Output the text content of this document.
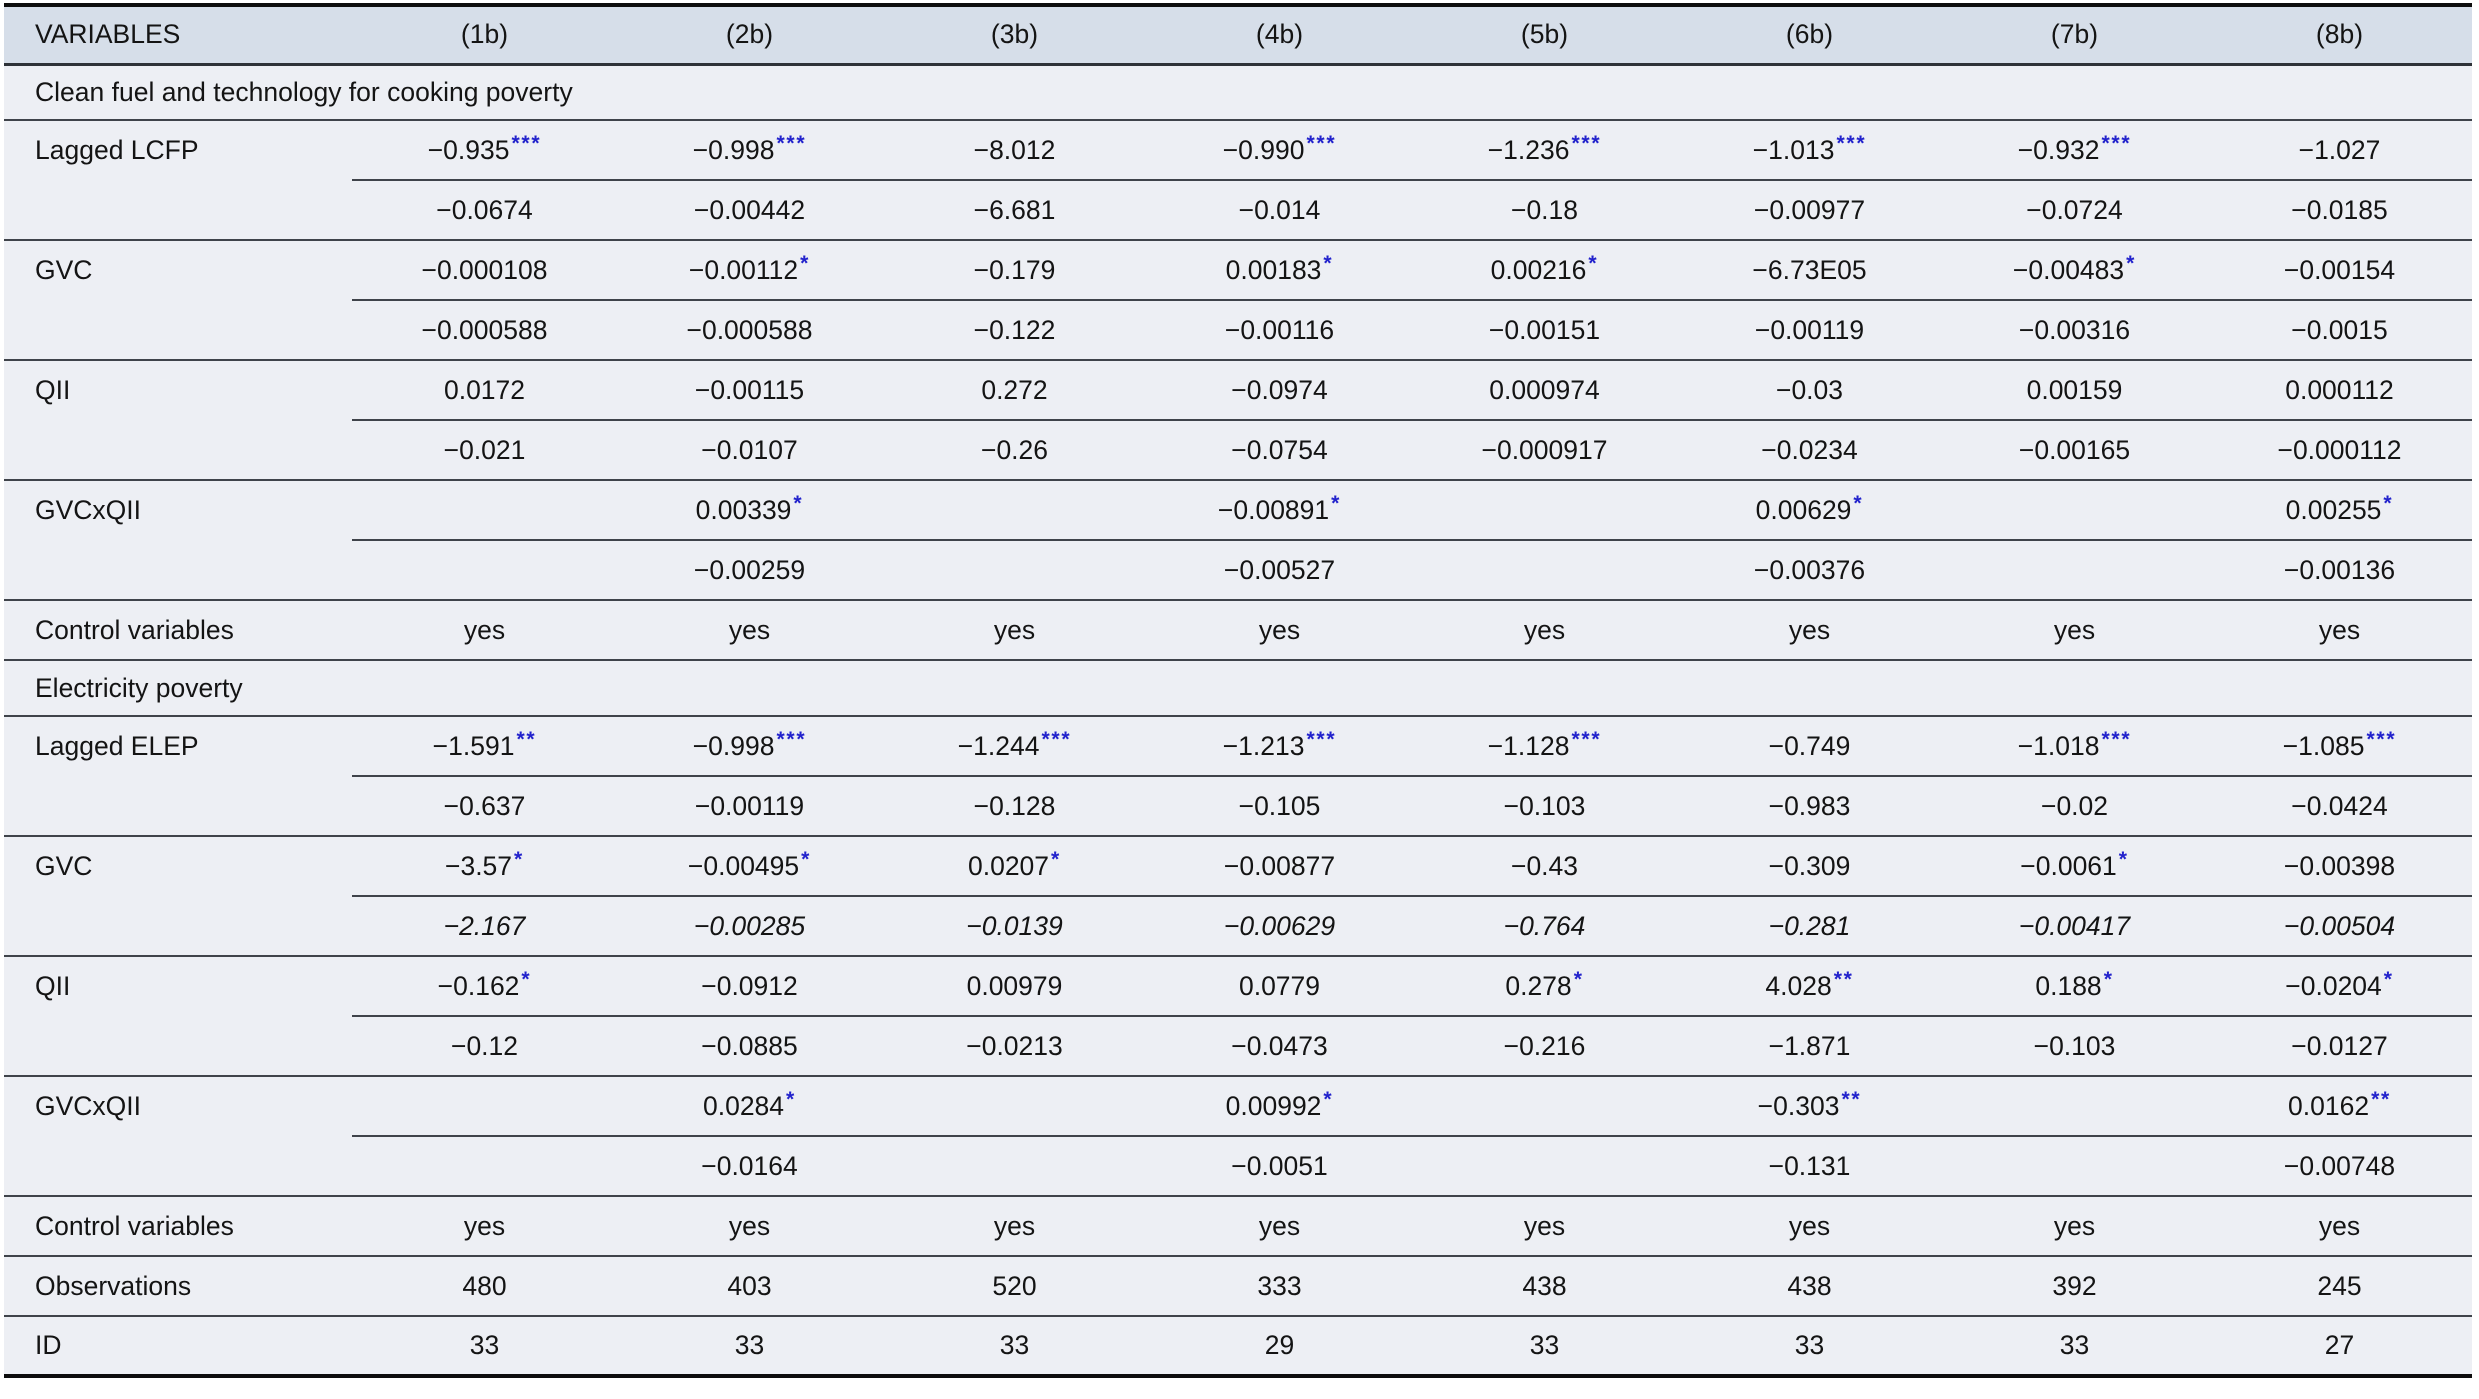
VARIABLES	(1b)	(2b)	(3b)	(4b)	(5b)	(6b)	(7b)	(8b)
Clean fuel and technology for cooking poverty								
Lagged LCFP	−0.935***	−0.998***	−8.012	−0.990***	−1.236***	−1.013***	−0.932***	−1.027
	−0.0674	−0.00442	−6.681	−0.014	−0.18	−0.00977	−0.0724	−0.0185
GVC	−0.000108	−0.00112*	−0.179	0.00183*	0.00216*	−6.73E05	−0.00483*	−0.00154
	−0.000588	−0.000588	−0.122	−0.00116	−0.00151	−0.00119	−0.00316	−0.0015
QII	0.0172	−0.00115	0.272	−0.0974	0.000974	−0.03	0.00159	0.000112
	−0.021	−0.0107	−0.26	−0.0754	−0.000917	−0.0234	−0.00165	−0.000112
GVCxQII		0.00339*		−0.00891*		0.00629*		0.00255*
		−0.00259		−0.00527		−0.00376		−0.00136
Control variables	yes	yes	yes	yes	yes	yes	yes	yes
Electricity poverty								
Lagged ELEP	−1.591**	−0.998***	−1.244***	−1.213***	−1.128***	−0.749	−1.018***	−1.085***
	−0.637	−0.00119	−0.128	−0.105	−0.103	−0.983	−0.02	−0.0424
GVC	−3.57*	−0.00495*	0.0207*	−0.00877	−0.43	−0.309	−0.0061*	−0.00398
	−2.167	−0.00285	−0.0139	−0.00629	−0.764	−0.281	−0.00417	−0.00504
QII	−0.162*	−0.0912	0.00979	0.0779	0.278*	4.028**	0.188*	−0.0204*
	−0.12	−0.0885	−0.0213	−0.0473	−0.216	−1.871	−0.103	−0.0127
GVCxQII		0.0284*		0.00992*		−0.303**		0.0162**
		−0.0164		−0.0051		−0.131		−0.00748
Control variables	yes	yes	yes	yes	yes	yes	yes	yes
Observations	480	403	520	333	438	438	392	245
ID	33	33	33	29	33	33	33	27
